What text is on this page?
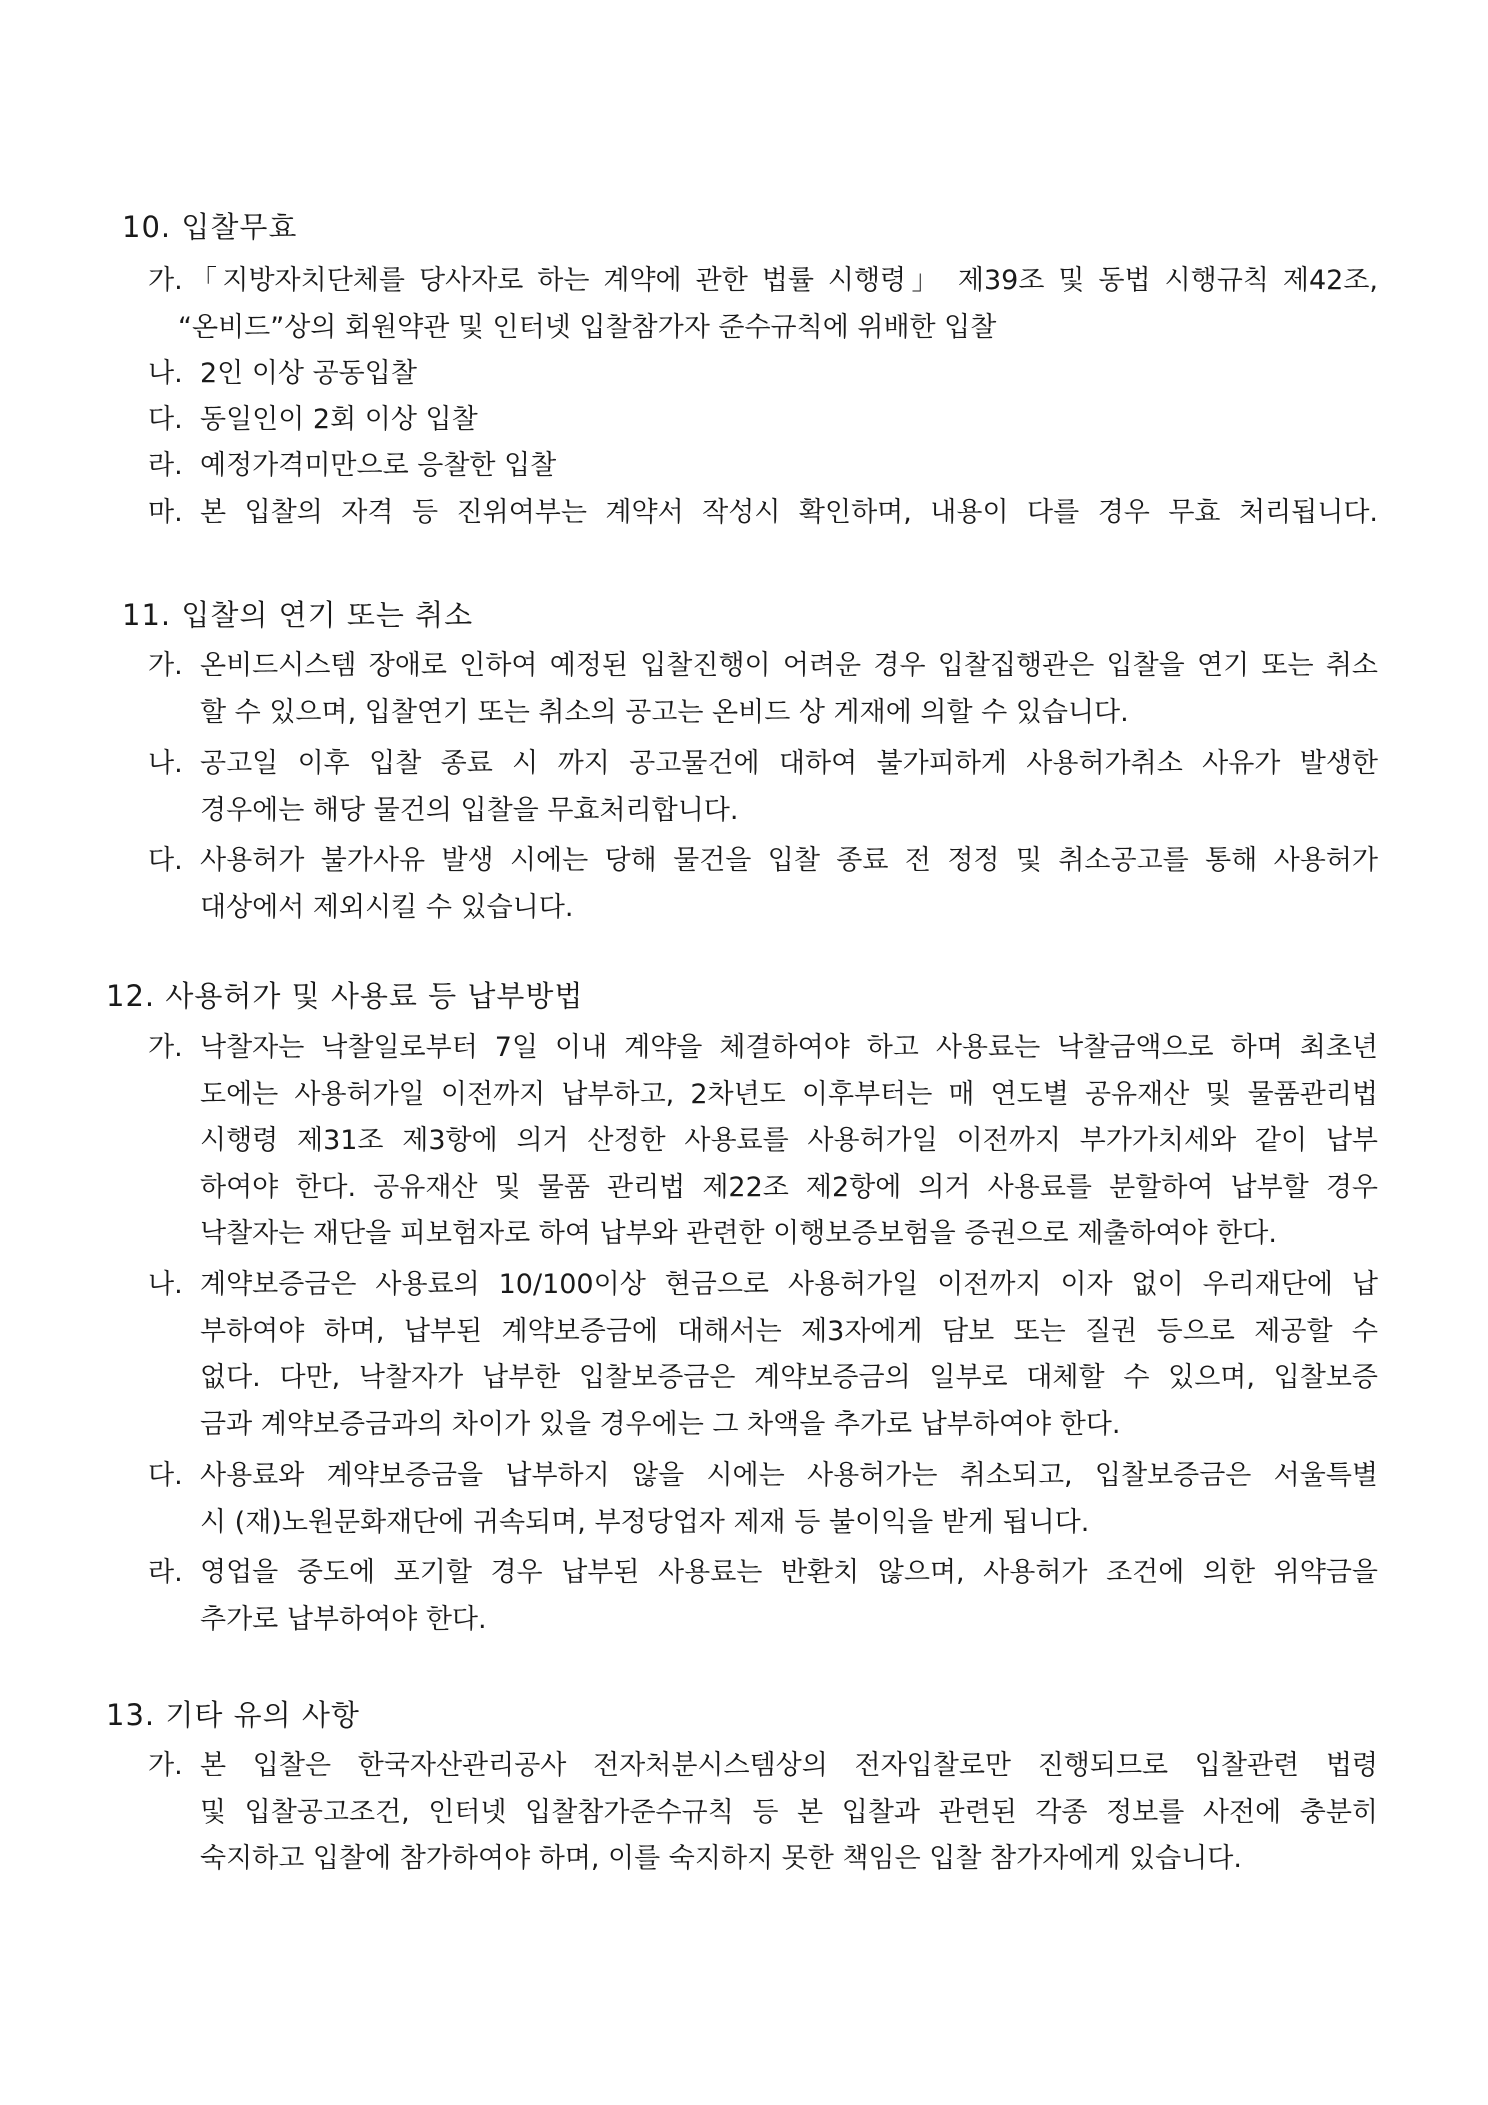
10. 입찰무효
가. 「지방자치단체를 당사자로 하는 계약에 관한 법률 시행령」 제39조 및 동법 시행규칙 제42조,
“온비드”상의 회원약관 및 인터넷 입찰참가자 준수규칙에 위배한 입찰
나. 2인 이상 공동입찰
다. 동일인이 2회 이상 입찰
라. 예정가격미만으로 응찰한 입찰
마. 본 입찰의 자격 등 진위여부는 계약서 작성시 확인하며, 내용이 다를 경우 무효 처리됩니다.
11. 입찰의 연기 또는 취소
가. 온비드시스템 장애로 인하여 예정된 입찰진행이 어려운 경우 입찰집행관은 입찰을 연기 또는 취소
할 수 있으며, 입찰연기 또는 취소의 공고는 온비드 상 게재에 의할 수 있습니다.
나. 공고일 이후 입찰 종료 시 까지 공고물건에 대하여 불가피하게 사용허가취소 사유가 발생한
경우에는 해당 물건의 입찰을 무효처리합니다.
다. 사용허가 불가사유 발생 시에는 당해 물건을 입찰 종료 전 정정 및 취소공고를 통해 사용허가
대상에서 제외시킬 수 있습니다.
12. 사용허가 및 사용료 등 납부방법
가. 낙찰자는 낙찰일로부터 7일 이내 계약을 체결하여야 하고 사용료는 낙찰금액으로 하며 최초년
도에는 사용허가일 이전까지 납부하고, 2차년도 이후부터는 매 연도별 공유재산 및 물품관리법
시행령 제31조 제3항에 의거 산정한 사용료를 사용허가일 이전까지 부가가치세와 같이 납부
하여야 한다. 공유재산 및 물품 관리법 제22조 제2항에 의거 사용료를 분할하여 납부할 경우
낙찰자는 재단을 피보험자로 하여 납부와 관련한 이행보증보험을 증권으로 제출하여야 한다.
나. 계약보증금은 사용료의 10/100이상 현금으로 사용허가일 이전까지 이자 없이 우리재단에 납
부하여야 하며, 납부된 계약보증금에 대해서는 제3자에게 담보 또는 질권 등으로 제공할 수
없다. 다만, 낙찰자가 납부한 입찰보증금은 계약보증금의 일부로 대체할 수 있으며, 입찰보증
금과 계약보증금과의 차이가 있을 경우에는 그 차액을 추가로 납부하여야 한다.
다. 사용료와 계약보증금을 납부하지 않을 시에는 사용허가는 취소되고, 입찰보증금은 서울특별
시 (재)노원문화재단에 귀속되며, 부정당업자 제재 등 불이익을 받게 됩니다.
라. 영업을 중도에 포기할 경우 납부된 사용료는 반환치 않으며, 사용허가 조건에 의한 위약금을
추가로 납부하여야 한다.
13. 기타 유의 사항
가. 본 입찰은 한국자산관리공사 전자처분시스템상의 전자입찰로만 진행되므로 입찰관련 법령
및 입찰공고조건, 인터넷 입찰참가준수규칙 등 본 입찰과 관련된 각종 정보를 사전에 충분히
숙지하고 입찰에 참가하여야 하며, 이를 숙지하지 못한 책임은 입찰 참가자에게 있습니다.
